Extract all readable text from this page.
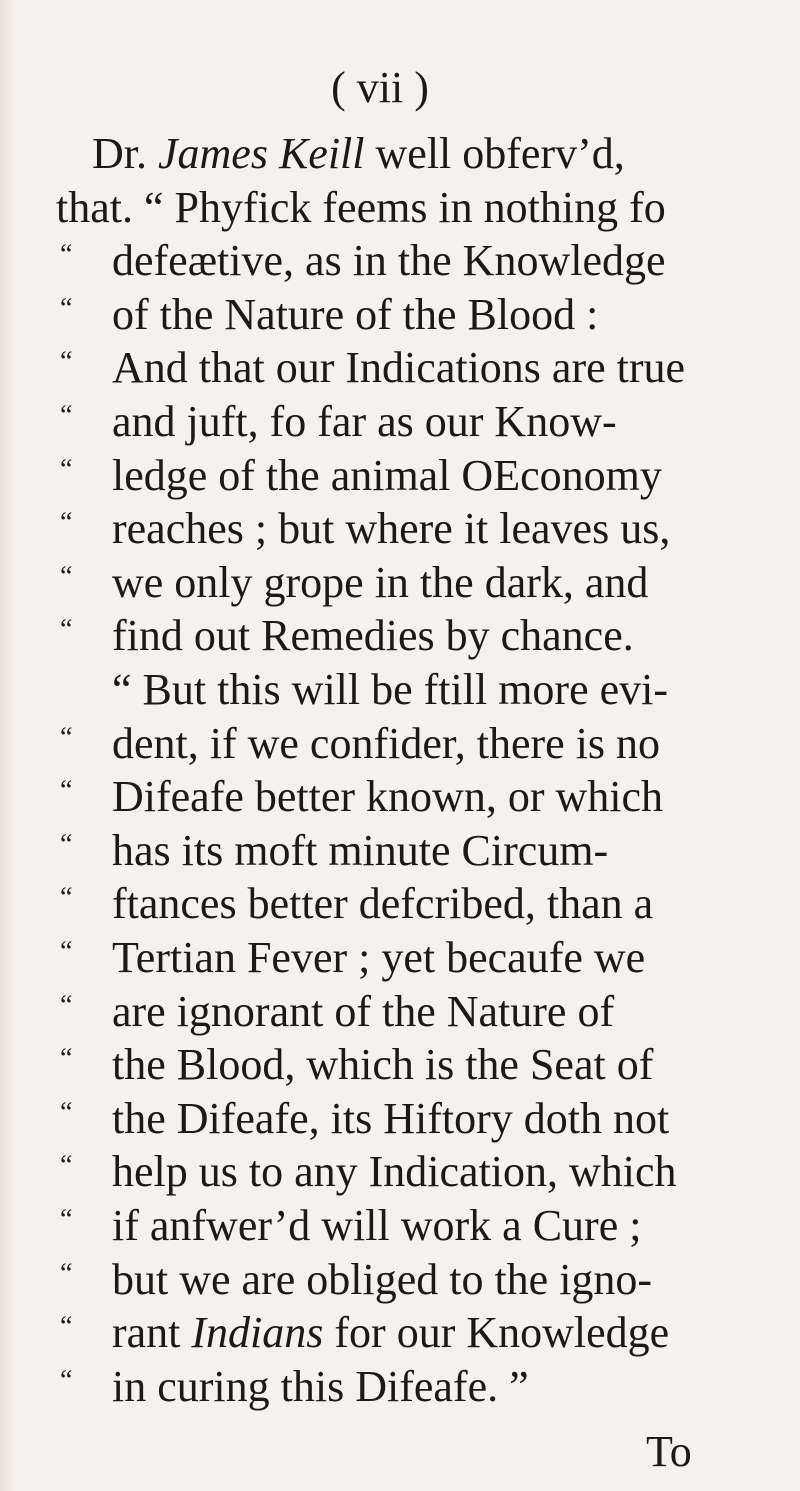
( vii )
Dr. James Keill well obferv’d,
that. “ Phyfick feems in nothing fo
“ defeætive, as in the Knowledge
“ of the Nature of the Blood :
“ And that our Indications are true
“ and juft, fo far as our Know-
“ ledge of the animal OEconomy
“ reaches ; but where it leaves us,
“ we only grope in the dark, and
“ find out Remedies by chance.
“ But this will be ftill more evi-
“ dent, if we confider, there is no
“ Difeafe better known, or which
“ has its moft minute Circum-
“ ftances better defcribed, than a
“ Tertian Fever ; yet becaufe we
“ are ignorant of the Nature of
“ the Blood, which is the Seat of
“ the Difeafe, its Hiftory doth not
“ help us to any Indication, which
“ if anfwer’d will work a Cure ;
“ but we are obliged to the igno-
“ rant Indians for our Knowledge
“ in curing this Difeafe. ”
To
